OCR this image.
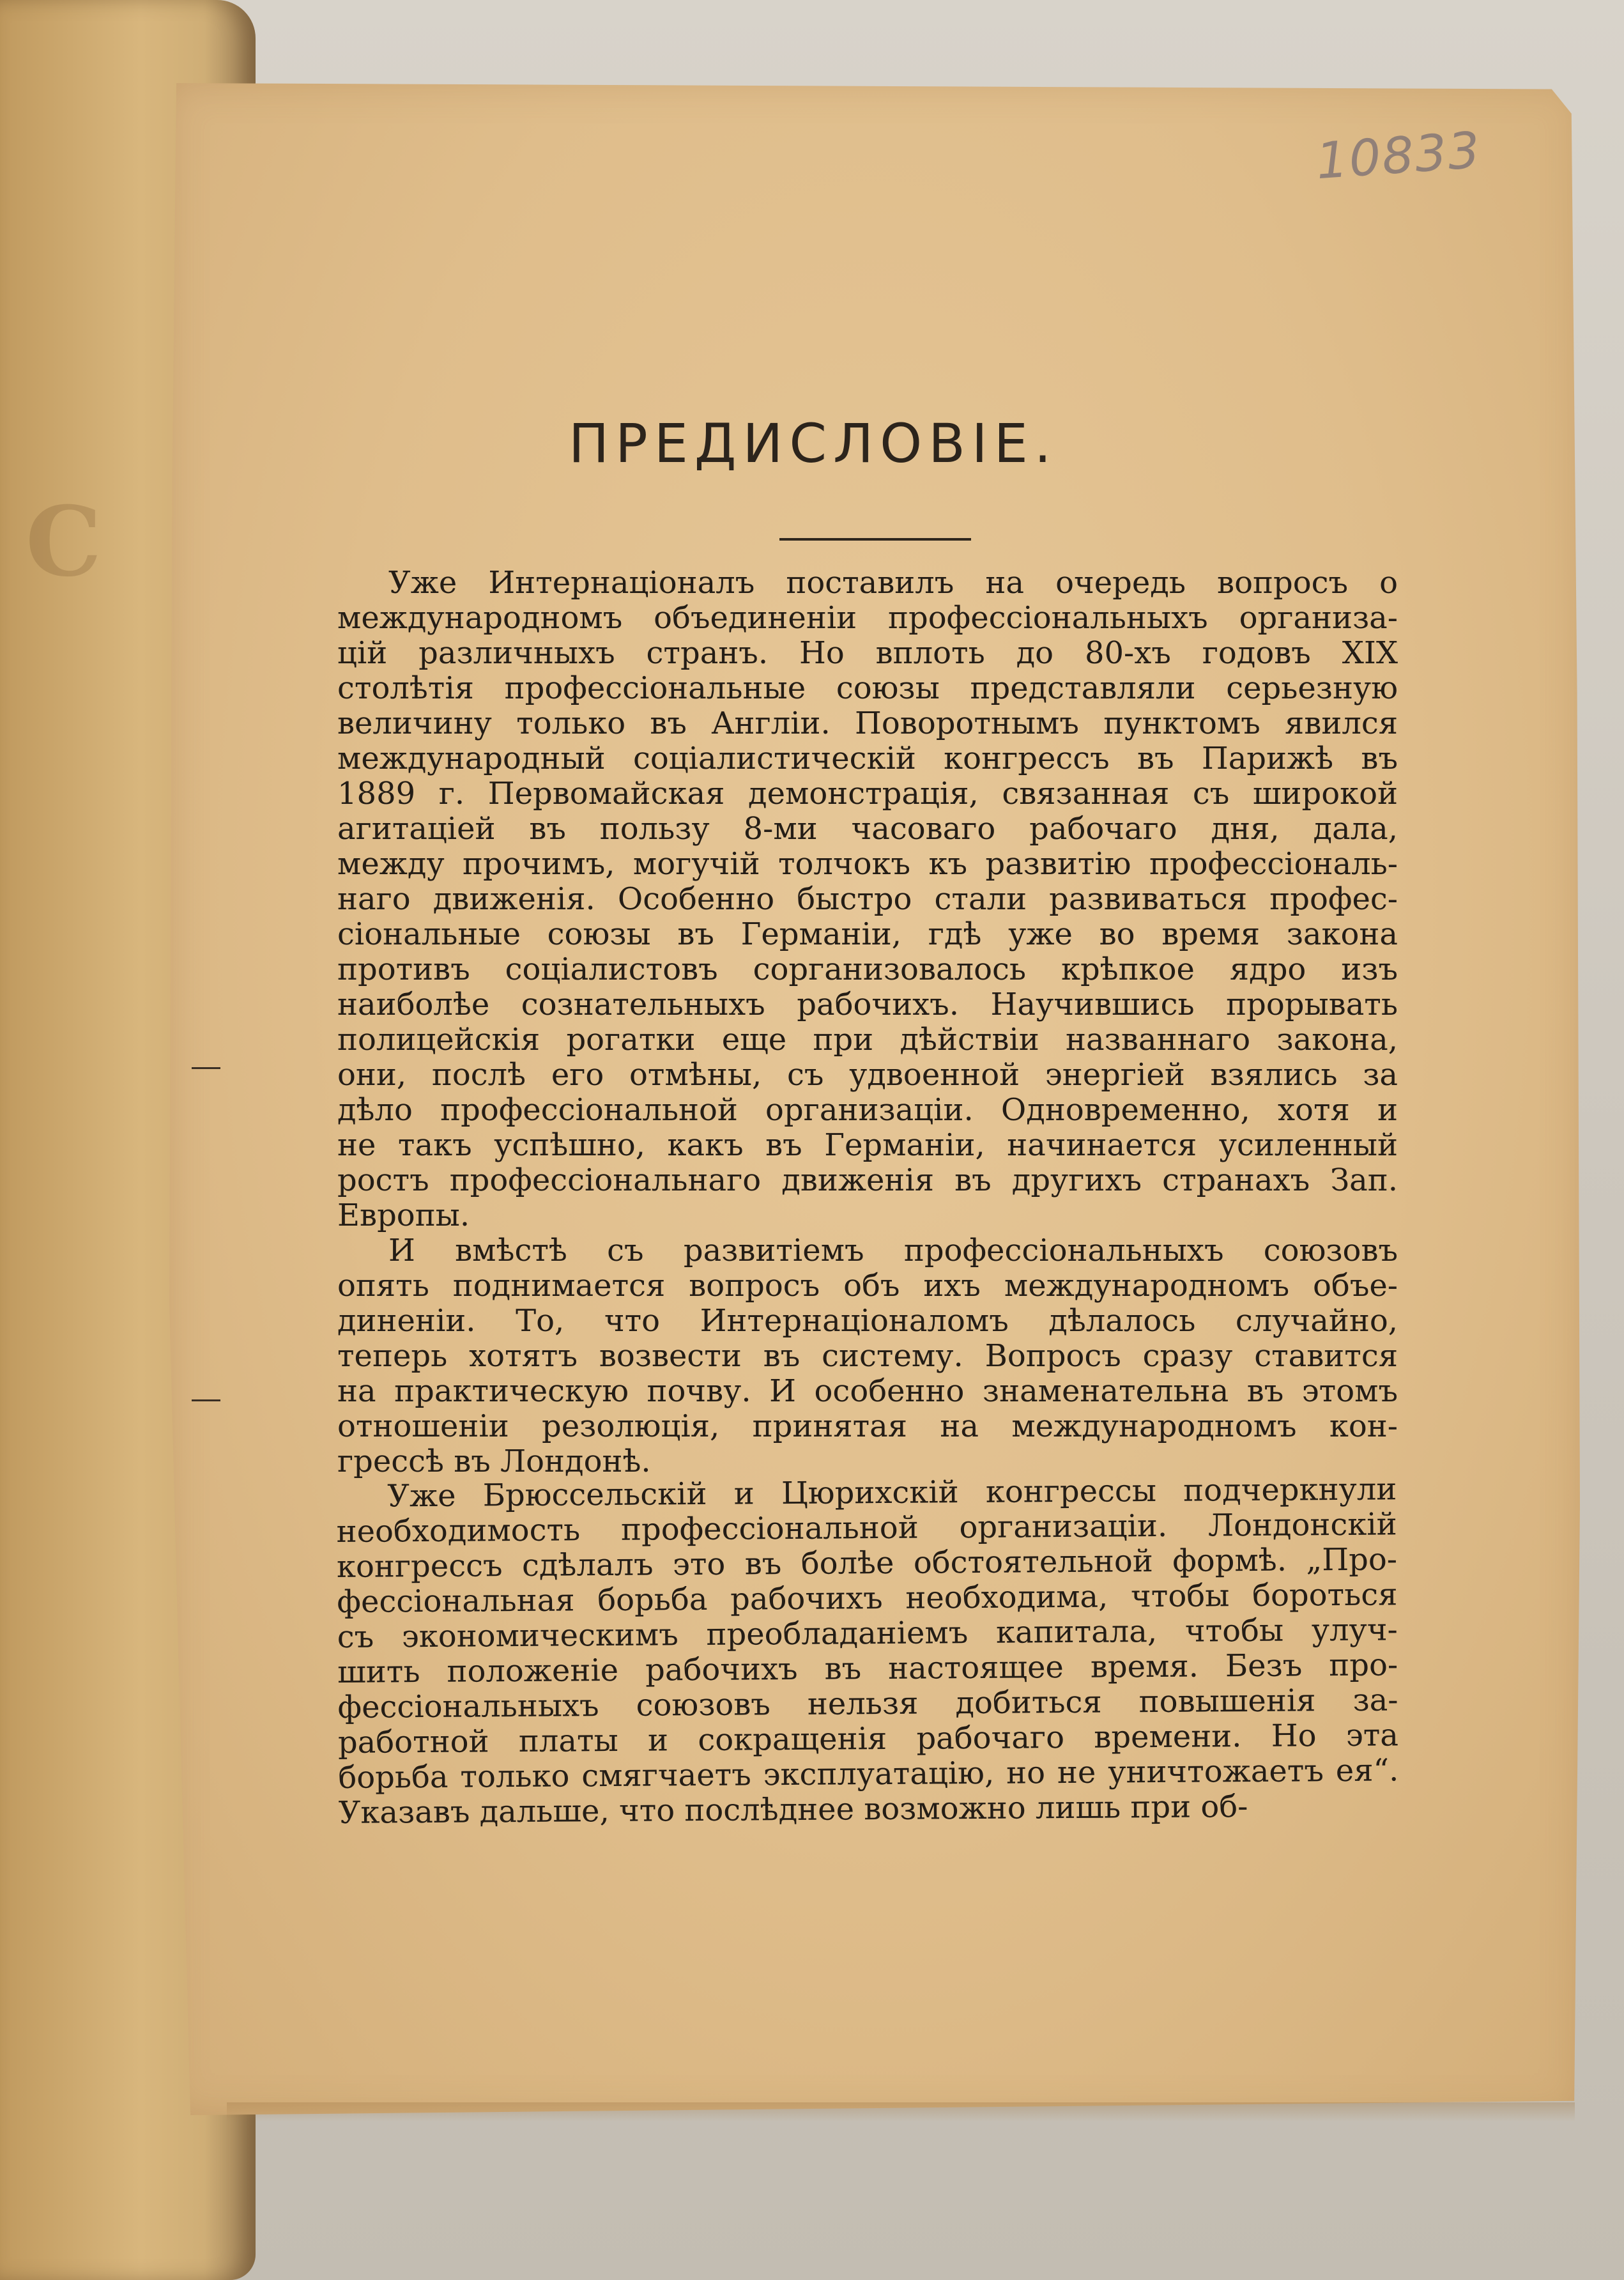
С
10833
ПРЕДИСЛОВІЕ.
Уже Интернаціоналъ поставилъ на очередь вопросъ о
международномъ объединеніи профессіональныхъ организа-
цій различныхъ странъ. Но вплоть до 80-хъ годовъ XIX
столѣтія профессіональные союзы представляли серьезную
величину только въ Англіи. Поворотнымъ пунктомъ явился
международный соціалистическій конгрессъ въ Парижѣ въ
1889 г. Первомайская демонстрація, связанная съ широкой
агитаціей въ пользу 8-ми часоваго рабочаго дня, дала,
между прочимъ, могучій толчокъ къ развитію профессіональ-
наго движенія. Особенно быстро стали развиваться профес-
сіональные союзы въ Германіи, гдѣ уже во время закона
противъ соціалистовъ сорганизовалось крѣпкое ядро изъ
наиболѣе сознательныхъ рабочихъ. Научившись прорывать
полицейскія рогатки еще при дѣйствіи названнаго закона,
они, послѣ его отмѣны, съ удвоенной энергіей взялись за
дѣло профессіональной организаціи. Одновременно, хотя и
не такъ успѣшно, какъ въ Германіи, начинается усиленный
ростъ профессіональнаго движенія въ другихъ странахъ Зап.
Европы.
И вмѣстѣ съ развитіемъ профессіональныхъ союзовъ
опять поднимается вопросъ объ ихъ международномъ объе-
диненіи. То, что Интернаціоналомъ дѣлалось случайно,
теперь хотятъ возвести въ систему. Вопросъ сразу ставится
на практическую почву. И особенно знаменательна въ этомъ
отношеніи резолюція, принятая на международномъ кон-
грессѣ въ Лондонѣ.
Уже Брюссельскій и Цюрихскій конгрессы подчеркнули
необходимость профессіональной организаціи. Лондонскій
конгрессъ сдѣлалъ это въ болѣе обстоятельной формѣ. „Про-
фессіональная борьба рабочихъ необходима, чтобы бороться
съ экономическимъ преобладаніемъ капитала, чтобы улуч-
шить положеніе рабочихъ въ настоящее время. Безъ про-
фессіональныхъ союзовъ нельзя добиться повышенія за-
работной платы и сокращенія рабочаго времени. Но эта
борьба только смягчаетъ эксплуатацію, но не уничтожаетъ ея“.
Указавъ дальше, что послѣднее возможно лишь при об-
